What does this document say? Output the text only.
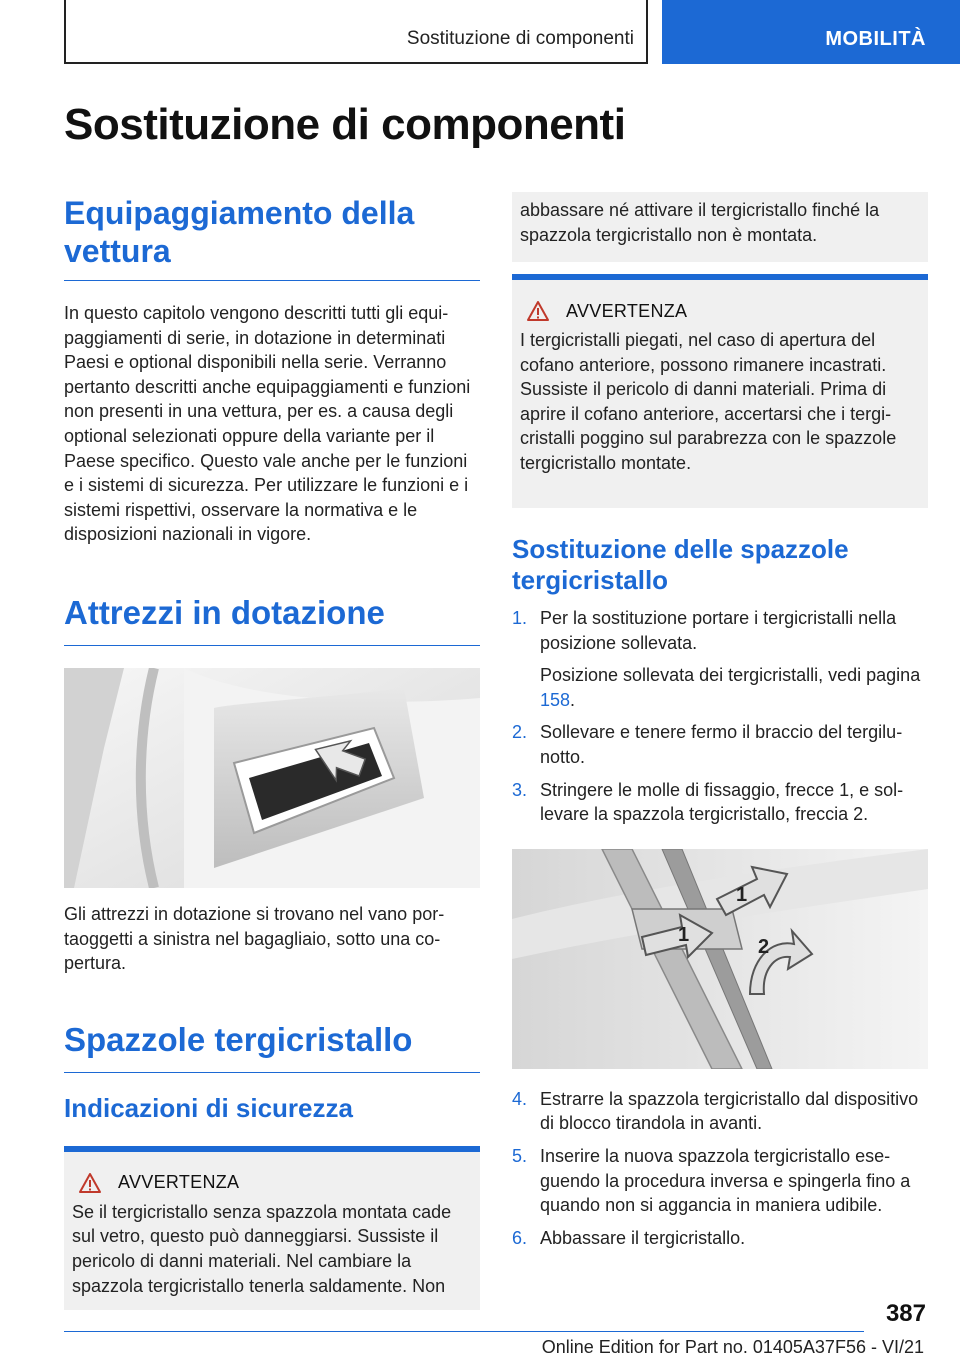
Sostituzione di componenti	MOBILITÀ
Sostituzione di componenti
Equipaggiamento della vettura

In questo capitolo vengono descritti tutti gli equipaggiamenti di serie, in dotazione in determinati Paesi e optional disponibili nella serie. Verranno pertanto descritti anche equipaggiamenti e funzioni non presenti in una vettura, per es. a causa degli optional selezionati oppure della variante per il Paese specifico. Questo vale anche per le funzioni e i sistemi di sicurezza. Per utilizzare le funzioni e i sistemi rispettivi, osservare la normativa e le disposizioni nazionali in vigore.

Attrezzi in dotazione

Gli attrezzi in dotazione si trovano nel vano portaoggetti a sinistra nel bagagliaio, sotto una copertura.

Spazzole tergicristallo
Indicazioni di sicurezza
AVVERTENZA

Se il tergicristallo senza spazzola montata cade sul vetro, questo può danneggiarsi. Sussiste il pericolo di danni materiali. Nel cambiare la spazzola tergicristallo tenerla saldamente. Non

abbassare né attivare il tergicristallo finché la spazzola tergicristallo non è montata.

AVVERTENZA

I tergicristalli piegati, nel caso di apertura del cofano anteriore, possono rimanere incastrati. Sussiste il pericolo di danni materiali. Prima di aprire il cofano anteriore, accertarsi che i tergicristalli poggino sul parabrezza con le spazzole tergicristallo montate.

Sostituzione delle spazzole tergicristallo
1. Per la sostituzione portare i tergicristalli nella posizione sollevata.
Posizione sollevata dei tergicristalli, vedi pagina 158.
2. Sollevare e tenere fermo il braccio del tergilunotto.
3. Stringere le molle di fissaggio, frecce 1, e sollevare la spazzola tergicristallo, freccia 2.
1
1
2
4. Estrarre la spazzola tergicristallo dal dispositivo di blocco tirandola in avanti.
5. Inserire la nuova spazzola tergicristallo eseguendo la procedura inversa e spingerla fino a quando non si aggancia in maniera udibile.
6. Abbassare il tergicristallo.
387
Online Edition for Part no. 01405A37F56 - VI/21
